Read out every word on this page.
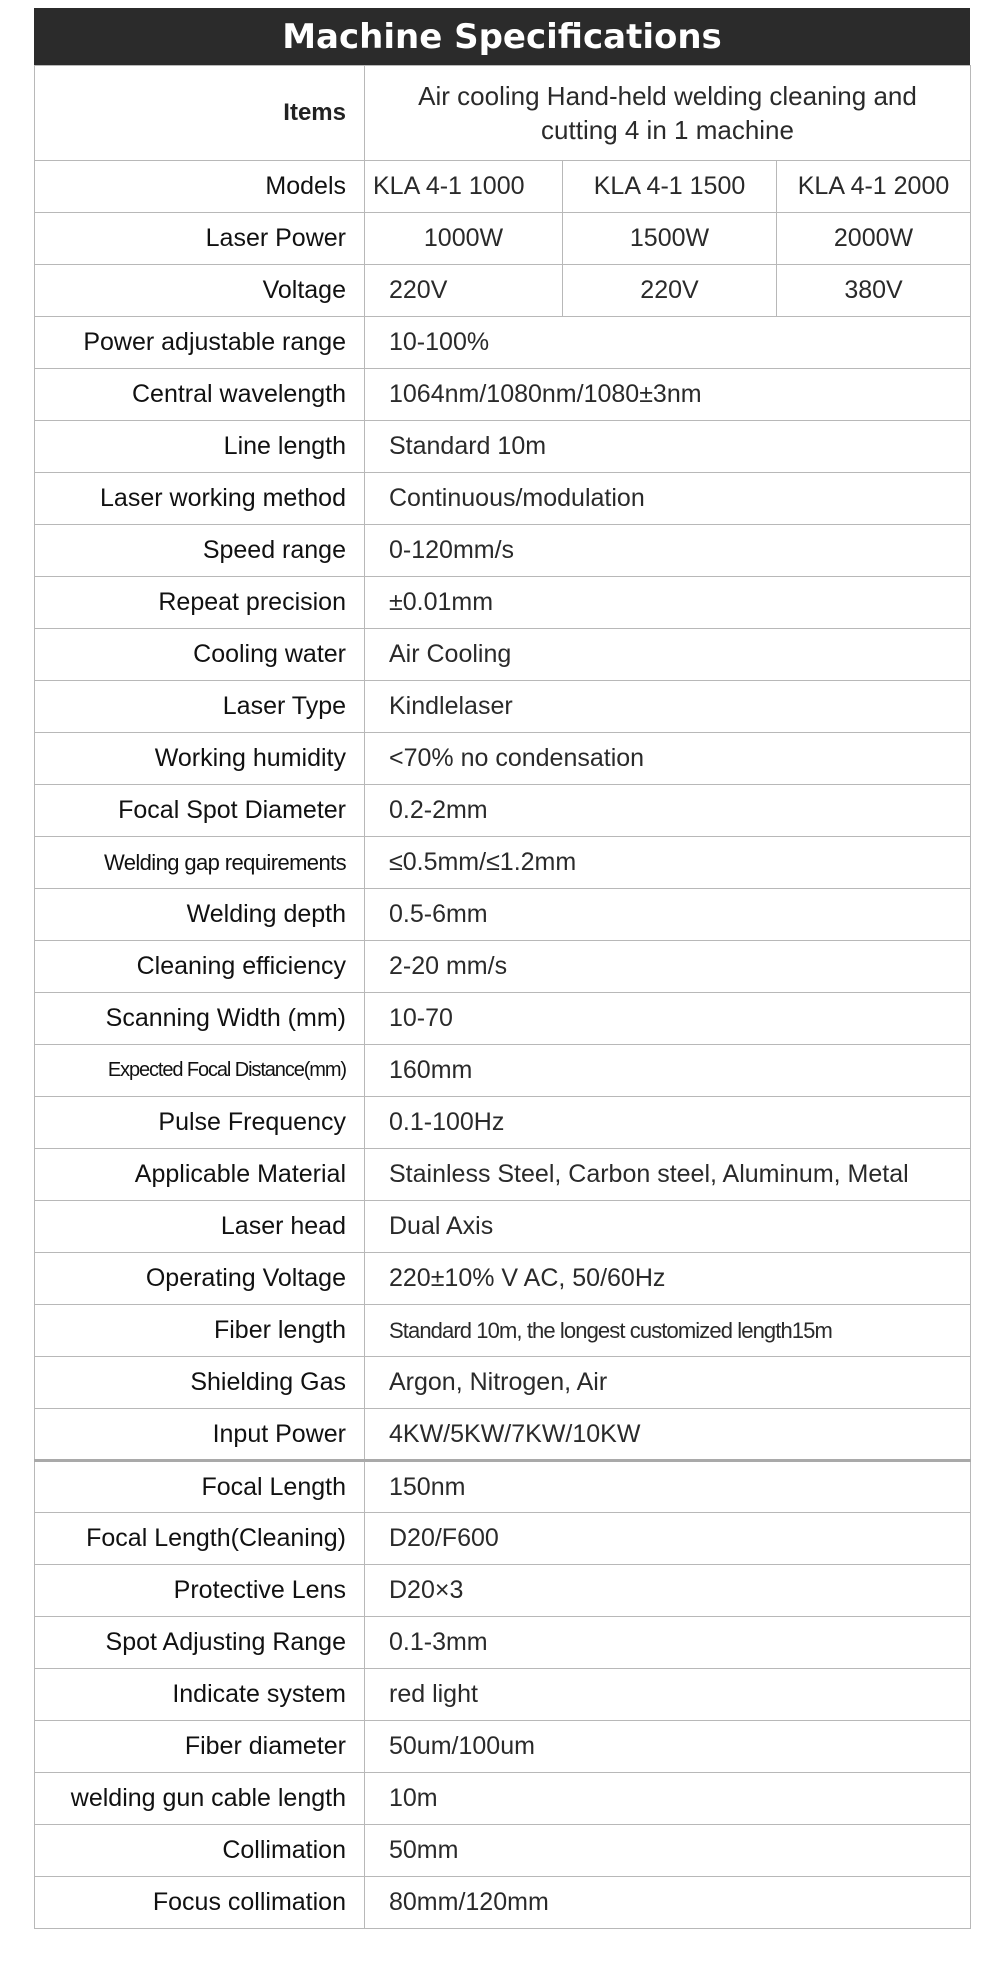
Machine Specifications
Items	Air cooling Hand-held welding cleaning and cutting 4 in 1 machine		
Models	KLA 4-1 1000	KLA 4-1 1500	KLA 4-1 2000
Laser Power	1000W	1500W	2000W
Voltage	220V	220V	380V
Power adjustable range	10-100%		
Central wavelength	1064nm/1080nm/1080±3nm		
Line length	Standard 10m		
Laser working method	Continuous/modulation		
Speed range	0-120mm/s		
Repeat precision	±0.01mm		
Cooling water	Air Cooling		
Laser Type	Kindlelaser		
Working humidity	<70% no condensation		
Focal Spot Diameter	0.2-2mm		
Welding gap requirements	≤0.5mm/≤1.2mm		
Welding depth	0.5-6mm		
Cleaning efficiency	2-20 mm/s		
Scanning Width (mm)	10-70		
Expected Focal Distance(mm)	160mm		
Pulse Frequency	0.1-100Hz		
Applicable Material	Stainless Steel, Carbon steel, Aluminum, Metal		
Laser head	Dual Axis		
Operating Voltage	220±10% V AC, 50/60Hz		
Fiber length	Standard 10m, the longest customized length15m		
Shielding Gas	Argon, Nitrogen, Air		
Input Power	4KW/5KW/7KW/10KW		
Focal Length	150nm		
Focal Length(Cleaning)	D20/F600		
Protective Lens	D20×3		
Spot Adjusting Range	0.1-3mm		
Indicate system	red light		
Fiber diameter	50um/100um		
welding gun cable length	10m		
Collimation	50mm		
Focus collimation	80mm/120mm		
